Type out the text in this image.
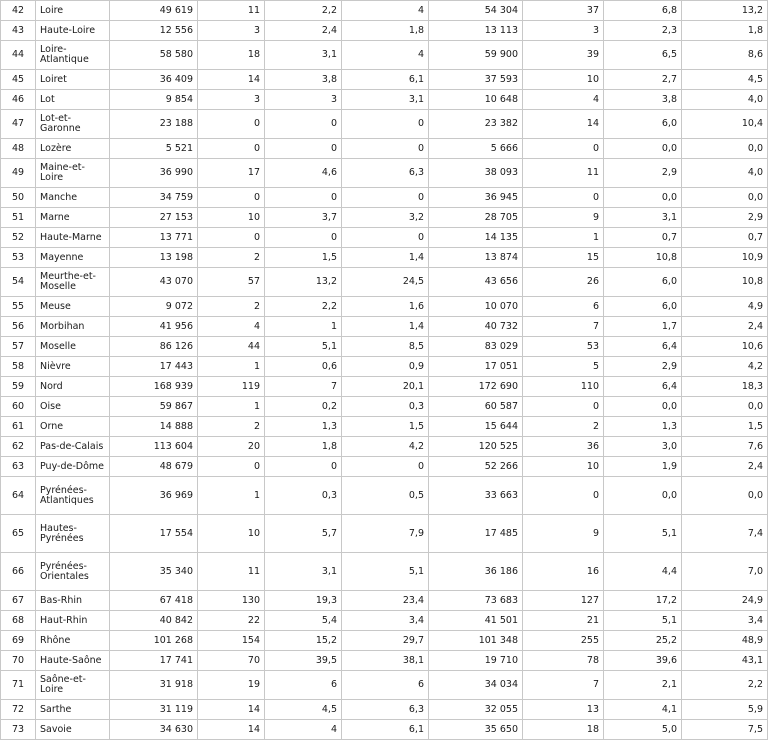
42	Loire	49 619	11	2,2	4	54 304	37	6,8	13,2
43	Haute-Loire	12 556	3	2,4	1,8	13 113	3	2,3	1,8
44	Loire-
Atlantique	58 580	18	3,1	4	59 900	39	6,5	8,6
45	Loiret	36 409	14	3,8	6,1	37 593	10	2,7	4,5
46	Lot	9 854	3	3	3,1	10 648	4	3,8	4,0
47	Lot-et-
Garonne	23 188	0	0	0	23 382	14	6,0	10,4
48	Lozère	5 521	0	0	0	5 666	0	0,0	0,0
49	Maine-et-
Loire	36 990	17	4,6	6,3	38 093	11	2,9	4,0
50	Manche	34 759	0	0	0	36 945	0	0,0	0,0
51	Marne	27 153	10	3,7	3,2	28 705	9	3,1	2,9
52	Haute-Marne	13 771	0	0	0	14 135	1	0,7	0,7
53	Mayenne	13 198	2	1,5	1,4	13 874	15	10,8	10,9
54	Meurthe-et-
Moselle	43 070	57	13,2	24,5	43 656	26	6,0	10,8
55	Meuse	9 072	2	2,2	1,6	10 070	6	6,0	4,9
56	Morbihan	41 956	4	1	1,4	40 732	7	1,7	2,4
57	Moselle	86 126	44	5,1	8,5	83 029	53	6,4	10,6
58	Nièvre	17 443	1	0,6	0,9	17 051	5	2,9	4,2
59	Nord	168 939	119	7	20,1	172 690	110	6,4	18,3
60	Oise	59 867	1	0,2	0,3	60 587	0	0,0	0,0
61	Orne	14 888	2	1,3	1,5	15 644	2	1,3	1,5
62	Pas-de-Calais	113 604	20	1,8	4,2	120 525	36	3,0	7,6
63	Puy-de-Dôme	48 679	0	0	0	52 266	10	1,9	2,4
64	Pyrénées-
Atlantiques	36 969	1	0,3	0,5	33 663	0	0,0	0,0
65	Hautes-
Pyrénées	17 554	10	5,7	7,9	17 485	9	5,1	7,4
66	Pyrénées-
Orientales	35 340	11	3,1	5,1	36 186	16	4,4	7,0
67	Bas-Rhin	67 418	130	19,3	23,4	73 683	127	17,2	24,9
68	Haut-Rhin	40 842	22	5,4	3,4	41 501	21	5,1	3,4
69	Rhône	101 268	154	15,2	29,7	101 348	255	25,2	48,9
70	Haute-Saône	17 741	70	39,5	38,1	19 710	78	39,6	43,1
71	Saône-et-
Loire	31 918	19	6	6	34 034	7	2,1	2,2
72	Sarthe	31 119	14	4,5	6,3	32 055	13	4,1	5,9
73	Savoie	34 630	14	4	6,1	35 650	18	5,0	7,5
